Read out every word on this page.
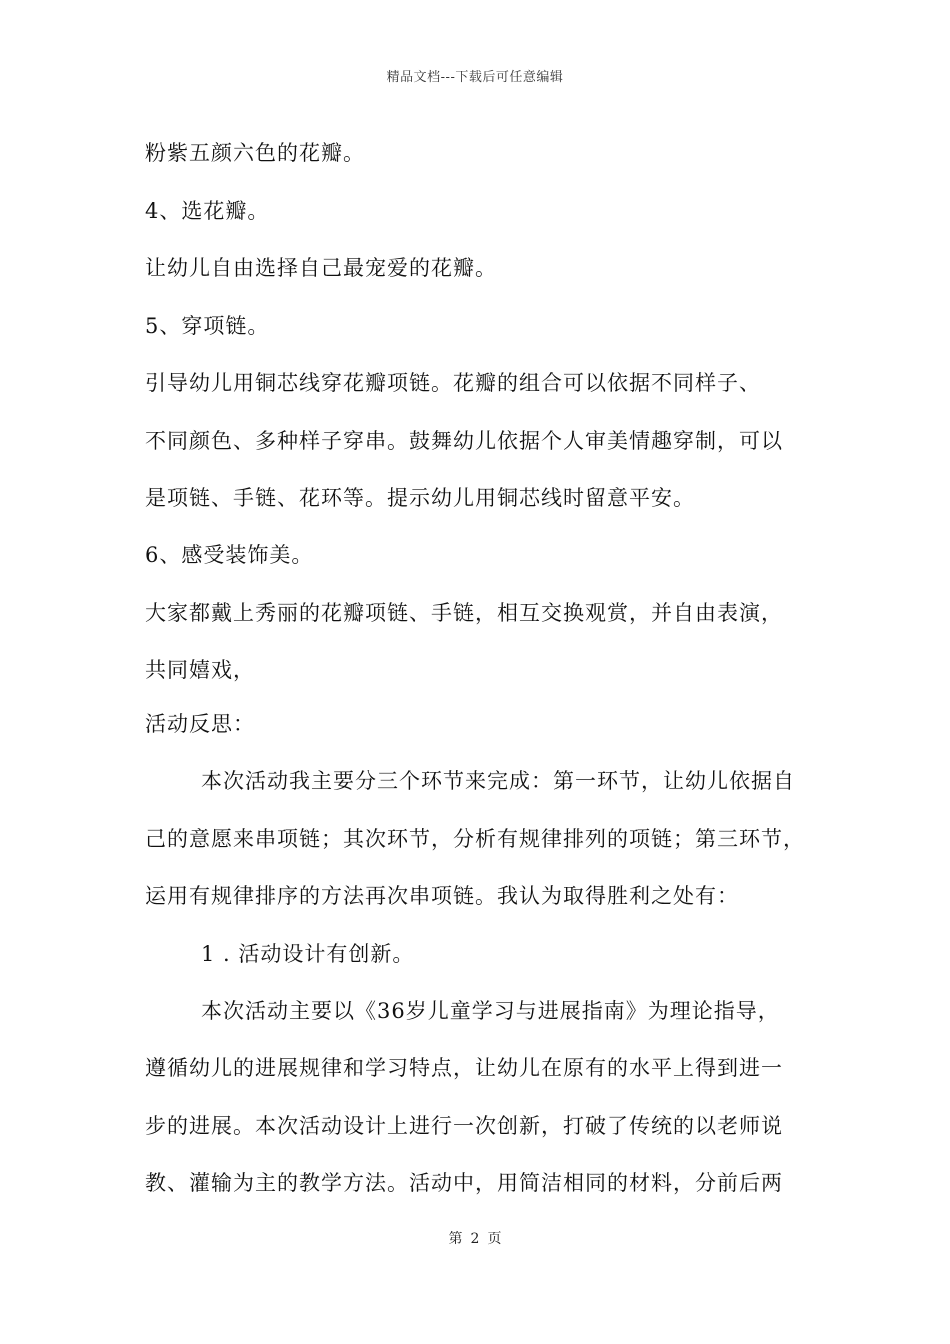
精品文档---下载后可任意编辑
粉紫五颜六色的花瓣。
4、选花瓣。
让幼儿自由选择自己最宠爱的花瓣。
5、穿项链。
引导幼儿用铜芯线穿花瓣项链。花瓣的组合可以依据不同样子、
不同颜色、多种样子穿串。鼓舞幼儿依据个人审美情趣穿制，可以
是项链、手链、花环等。提示幼儿用铜芯线时留意平安。
6、感受装饰美。
大家都戴上秀丽的花瓣项链、手链，相互交换观赏，并自由表演，
共同嬉戏，
活动反思：
本次活动我主要分三个环节来完成：第一环节，让幼儿依据自
己的意愿来串项链；其次环节，分析有规律排列的项链；第三环节，
运用有规律排序的方法再次串项链。我认为取得胜利之处有：
1 . 活动设计有创新。
本次活动主要以《36岁儿童学习与进展指南》为理论指导，
遵循幼儿的进展规律和学习特点，让幼儿在原有的水平上得到进一
步的进展。本次活动设计上进行一次创新，打破了传统的以老师说
教、灌输为主的教学方法。活动中，用简洁相同的材料，分前后两
第 2 页
